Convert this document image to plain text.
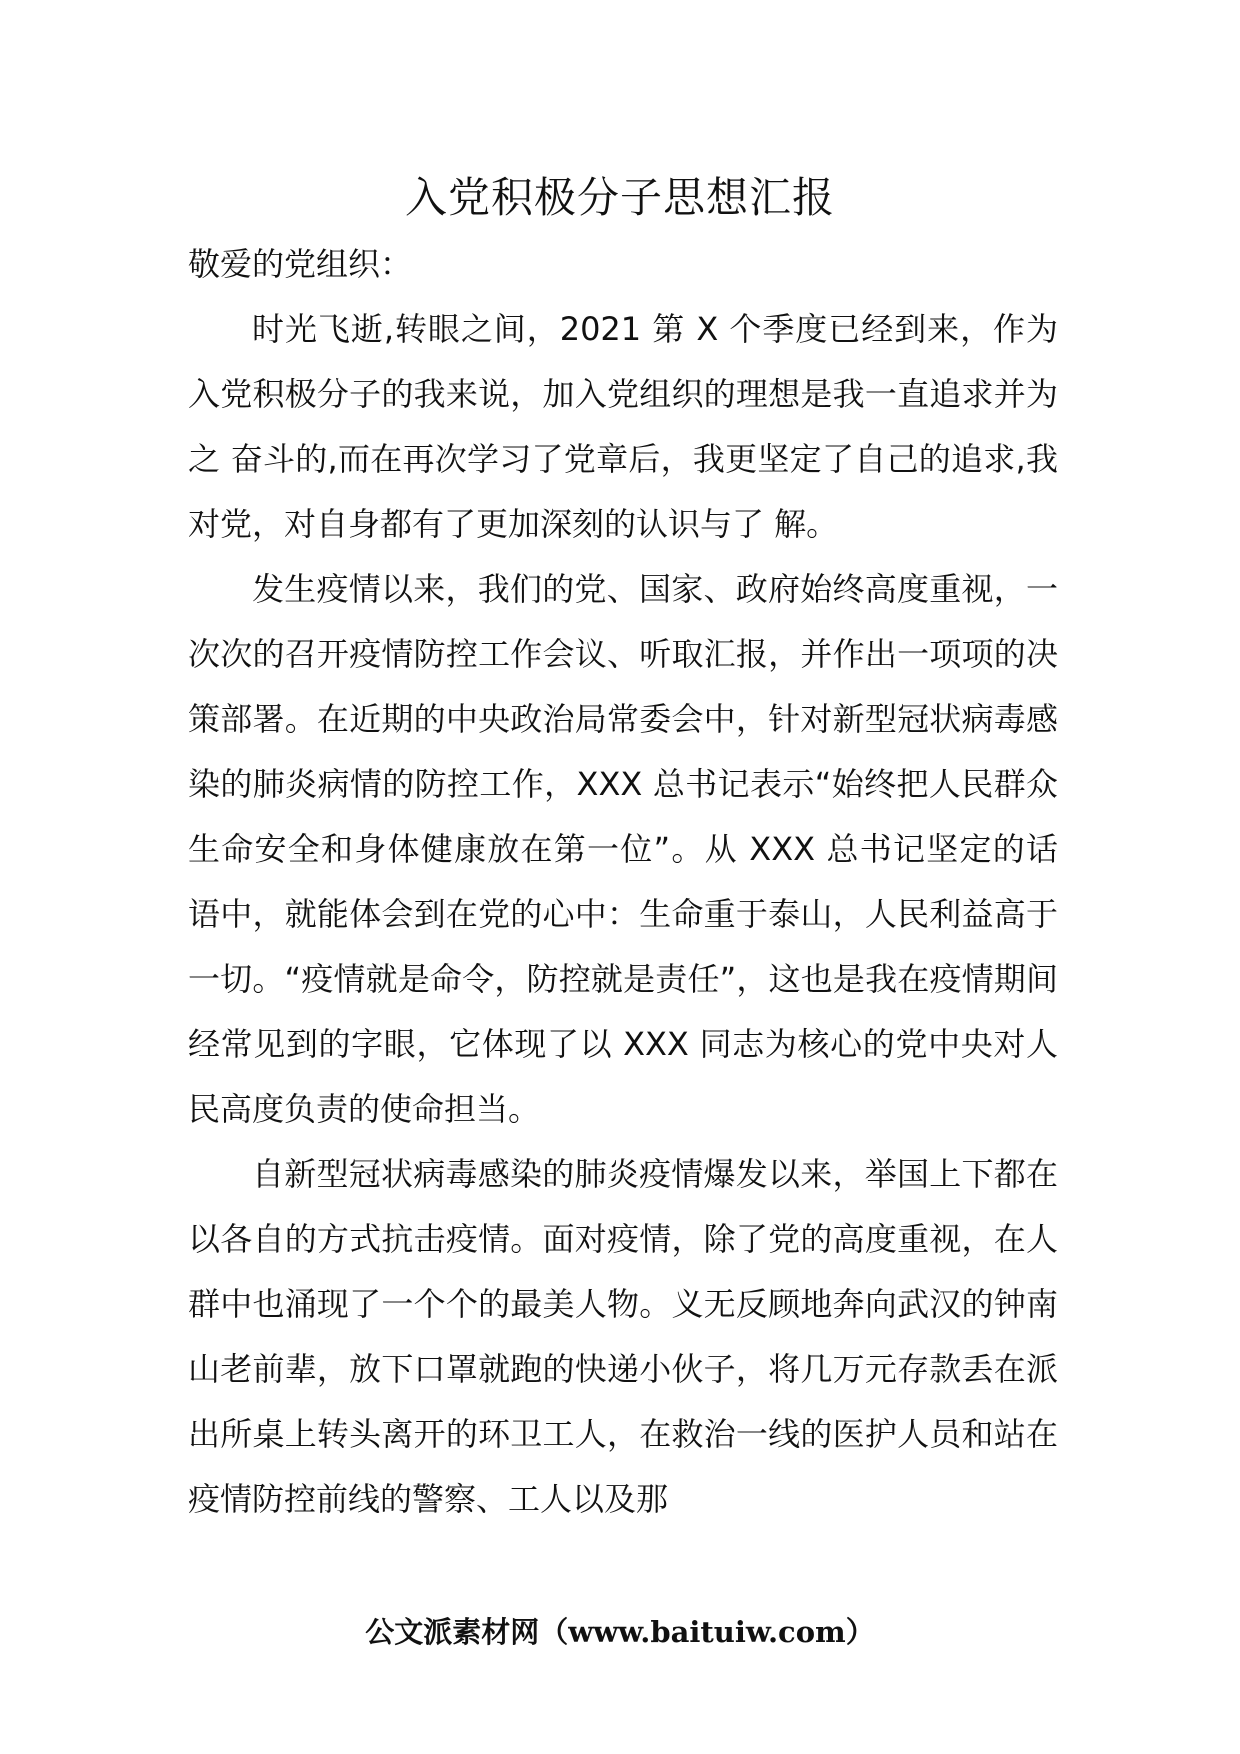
入党积极分子思想汇报

敬爱的党组织：

时光飞逝,转眼之间，2021 第 X 个季度已经到来，作为入党积极分子的我来说，加入党组织的理想是我一直追求并为之 奋斗的,而在再次学习了党章后，我更坚定了自己的追求,我对党，对自身都有了更加深刻的认识与了 解。

发生疫情以来，我们的党、国家、政府始终高度重视，一次次的召开疫情防控工作会议、听取汇报，并作出一项项的决策部署。在近期的中央政治局常委会中，针对新型冠状病毒感染的肺炎病情的防控工作，XXX 总书记表示“始终把人民群众生命安全和身体健康放在第一位”。从 XXX 总书记坚定的话语中，就能体会到在党的心中：生命重于泰山，人民利益高于一切。“疫情就是命令，防控就是责任”，这也是我在疫情期间经常见到的字眼，它体现了以 XXX 同志为核心的党中央对人民高度负责的使命担当。

自新型冠状病毒感染的肺炎疫情爆发以来，举国上下都在以各自的方式抗击疫情。面对疫情，除了党的高度重视，在人群中也涌现了一个个的最美人物。义无反顾地奔向武汉的钟南山老前辈，放下口罩就跑的快递小伙子，将几万元存款丢在派出所桌上转头离开的环卫工人，在救治一线的医护人员和站在疫情防控前线的警察、工人以及那

公文派素材网（www.baituiw.com）
